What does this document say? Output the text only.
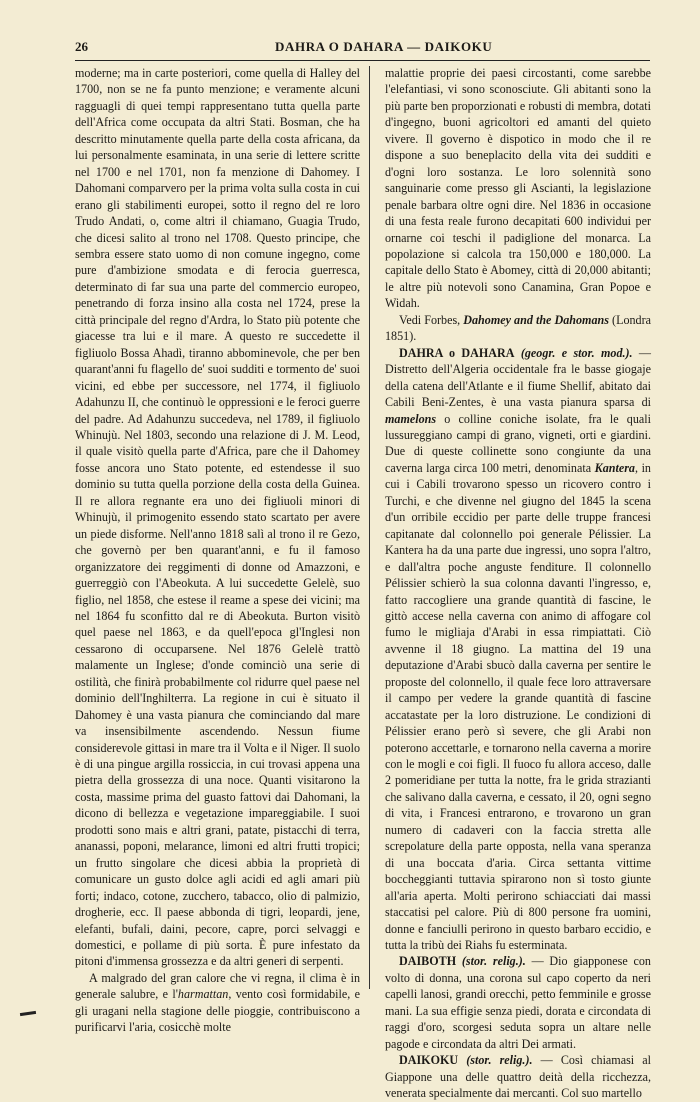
26	DAHRA O DAHARA — DAIKOKU

moderne; ma in carte posteriori, come quella di Halley del 1700, non se ne fa punto menzione; e veramente alcuni ragguagli di quei tempi rappresentano tutta quella parte dell'Africa come occupata da altri Stati. Bosman, che ha descritto minutamente quella parte della costa africana, da lui personalmente esaminata, in una serie di lettere scritte nel 1700 e nel 1701, non fa menzione di Dahomey. I Dahomani comparvero per la prima volta sulla costa in cui erano gli stabilimenti europei, sotto il regno del re loro Trudo Andati, o, come altri il chiamano, Guagia Trudo, che dicesi salito al trono nel 1708. Questo principe, che sembra essere stato uomo di non comune ingegno, come pure d'ambizione smodata e di ferocia guerresca, determinato di far sua una parte del commercio europeo, penetrando di forza insino alla costa nel 1724, prese la città principale del regno d'Ardra, lo Stato più potente che giacesse tra lui e il mare. A questo re succedette il figliuolo Bossa Ahadì, tiranno abbominevole, che per ben quarant'anni fu flagello de' suoi sudditi e tormento de' suoi vicini, ed ebbe per successore, nel 1774, il figliuolo Adahunzu II, che continuò le oppressioni e le feroci guerre del padre. Ad Adahunzu succedeva, nel 1789, il figliuolo Whinujù. Nel 1803, secondo una relazione di J. M. Leod, il quale visitò quella parte d'Africa, pare che il Dahomey fosse ancora uno Stato potente, ed estendesse il suo dominio su tutta quella porzione della costa della Guinea. Il re allora regnante era uno dei figliuoli minori di Whinujù, il primogenito essendo stato scartato per avere un piede disforme. Nell'anno 1818 salì al trono il re Gezo, che governò per ben quarant'anni, e fu il famoso organizzatore dei reggimenti di donne od Amazzoni, e guerreggiò con l'Abeokuta. A lui succedette Gelelè, suo figlio, nel 1858, che estese il reame a spese dei vicini; ma nel 1864 fu sconfitto dal re di Abeokuta. Burton visitò quel paese nel 1863, e da quell'epoca gl'Inglesi non cessarono di occuparsene. Nel 1876 Gelelè trattò malamente un Inglese; d'onde cominciò una serie di ostilità, che finirà probabilmente col ridurre quel paese nel dominio dell'Inghilterra. La regione in cui è situato il Dahomey è una vasta pianura che cominciando dal mare va insensibilmente ascendendo. Nessun fiume considerevole gittasi in mare tra il Volta e il Niger. Il suolo è di una pingue argilla rossiccia, in cui trovasi appena una pietra della grossezza di una noce. Quanti visitarono la costa, massime prima del guasto fattovi dai Dahomani, la dicono di bellezza e vegetazione impareggiabile. I suoi prodotti sono mais e altri grani, patate, pistacchi di terra, ananassi, poponi, melarance, limoni ed altri frutti tropici; un frutto singolare che dicesi abbia la proprietà di comunicare un gusto dolce agli acidi ed agli amari più forti; indaco, cotone, zucchero, tabacco, olio di palmizio, drogherie, ecc. Il paese abbonda di tigri, leopardi, jene, elefanti, bufali, daini, pecore, capre, porci selvaggi e domestici, e pollame di più sorta. È pure infestato da pitoni d'immensa grossezza e da altri generi di serpenti.

A malgrado del gran calore che vi regna, il clima è in generale salubre, e l'harmattan, vento così formidabile, e gli uragani nella stagione delle pioggie, contribuiscono a purificarvi l'aria, cosicchè molte

malattie proprie dei paesi circostanti, come sarebbe l'elefantiasi, vi sono sconosciute. Gli abitanti sono la più parte ben proporzionati e robusti di membra, dotati d'ingegno, buoni agricoltori ed amanti del quieto vivere. Il governo è dispotico in modo che il re dispone a suo beneplacito della vita dei sudditi e d'ogni loro sostanza. Le loro solennità sono sanguinarie come presso gli Ascianti, la legislazione penale barbara oltre ogni dire. Nel 1836 in occasione di una festa reale furono decapitati 600 individui per ornarne coi teschi il padiglione del monarca. La popolazione si calcola tra 150,000 e 180,000. La capitale dello Stato è Abomey, città di 20,000 abitanti; le altre più notevoli sono Canamina, Gran Popoe e Widah.

Vedi Forbes, Dahomey and the Dahomans (Londra 1851).

DAHRA o DAHARA (geogr. e stor. mod.). — Distretto dell'Algeria occidentale fra le basse giogaje della catena dell'Atlante e il fiume Shellif, abitato dai Cabili Beni-Zentes, è una vasta pianura sparsa di mamelons o colline coniche isolate, fra le quali lussureggiano campi di grano, vigneti, orti e giardini. Due di queste collinette sono congiunte da una caverna larga circa 100 metri, denominata Kantera, in cui i Cabili trovarono spesso un ricovero contro i Turchi, e che divenne nel giugno del 1845 la scena d'un orribile eccidio per parte delle truppe francesi capitanate dal colonnello poi generale Pélissier. La Kantera ha da una parte due ingressi, uno sopra l'altro, e dall'altra poche anguste fenditure. Il colonnello Pélissier schierò la sua colonna davanti l'ingresso, e, fatto raccogliere una grande quantità di fascine, le gittò accese nella caverna con animo di affogare col fumo le migliaja d'Arabi in essa rimpiattati. Ciò avvenne il 18 giugno. La mattina del 19 una deputazione d'Arabi sbucò dalla caverna per sentire le proposte del colonnello, il quale fece loro attraversare il campo per vedere la grande quantità di fascine accatastate per la loro distruzione. Le condizioni di Pélissier erano però sì severe, che gli Arabi non poterono accettarle, e tornarono nella caverna a morire con le mogli e coi figli. Il fuoco fu allora acceso, dalle 2 pomeridiane per tutta la notte, fra le grida strazianti che salivano dalla caverna, e cessato, il 20, ogni segno di vita, i Francesi entrarono, e trovarono un gran numero di cadaveri con la faccia stretta alle screpolature della parte opposta, nella vana speranza di una boccata d'aria. Circa settanta vittime boccheggianti tuttavia spirarono non sì tosto giunte all'aria aperta. Molti perirono schiacciati dai massi staccatisi pel calore. Più di 800 persone fra uomini, donne e fanciulli perirono in questo barbaro eccidio, e tutta la tribù dei Riahs fu esterminata.

DAIBOTH (stor. relig.). — Dio giapponese con volto di donna, una corona sul capo coperto da neri capelli lanosi, grandi orecchi, petto femminile e grosse mani. La sua effigie senza piedi, dorata e circondata di raggi d'oro, scorgesi seduta sopra un altare nelle pagode e circondata da altri Dei armati.

DAIKOKU (stor. relig.). — Così chiamasi al Giappone una delle quattro deità della ricchezza, venerata specialmente dai mercanti. Col suo martello
